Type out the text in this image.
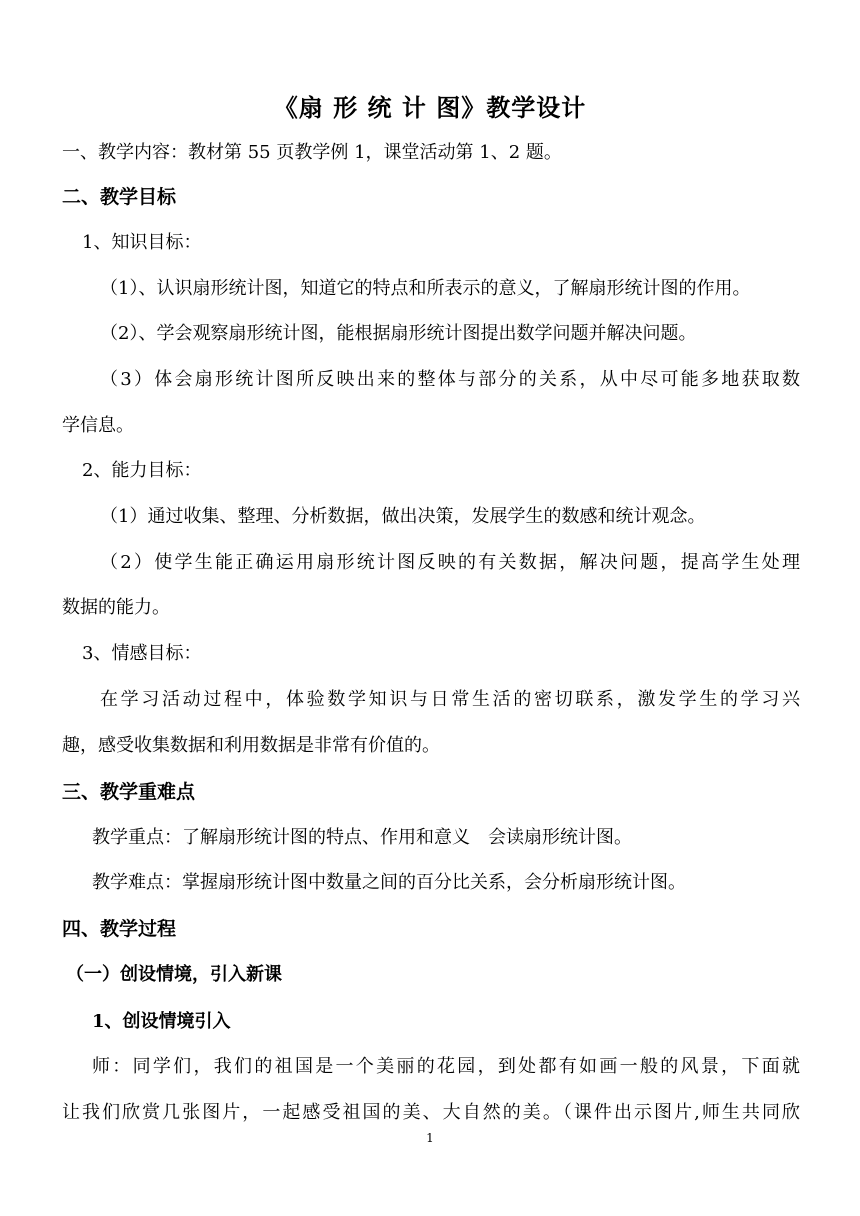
《扇 形 统 计 图》教学设计
一、教学内容：教材第 55 页教学例 1，课堂活动第 1、2 题。
二、教学目标
1、知识目标：
（1）、认识扇形统计图，知道它的特点和所表示的意义，了解扇形统计图的作用。
（2）、学会观察扇形统计图，能根据扇形统计图提出数学问题并解决问题。
（3）体会扇形统计图所反映出来的整体与部分的关系，从中尽可能多地获取数
学信息。
2、能力目标：
（1）通过收集、整理、分析数据，做出决策，发展学生的数感和统计观念。
（2）使学生能正确运用扇形统计图反映的有关数据，解决问题，提高学生处理
数据的能力。
3、情感目标：
在学习活动过程中，体验数学知识与日常生活的密切联系，激发学生的学习兴
趣，感受收集数据和利用数据是非常有价值的。
三、教学重难点
教学重点：了解扇形统计图的特点、作用和意义　会读扇形统计图。
教学难点：掌握扇形统计图中数量之间的百分比关系，会分析扇形统计图。
四、教学过程
（一）创设情境，引入新课
1、创设情境引入
师：同学们，我们的祖国是一个美丽的花园，到处都有如画一般的风景，下面就
让我们欣赏几张图片，一起感受祖国的美、大自然的美。（课件出示图片,师生共同欣
1
